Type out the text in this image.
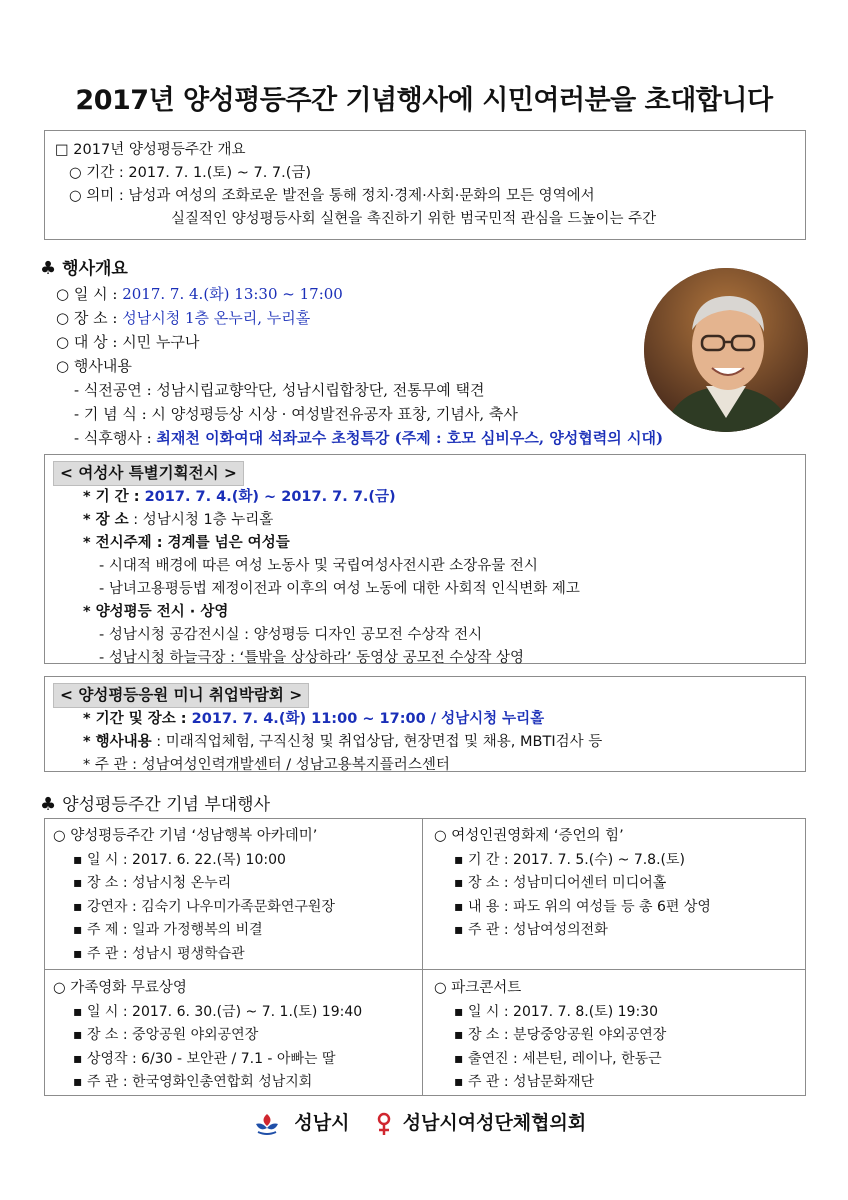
2017년 양성평등주간 기념행사에 시민여러분을 초대합니다
□ 2017년 양성평등주간 개요
○ 기간 : 2017. 7. 1.(토) ~ 7. 7.(금)
○ 의미 : 남성과 여성의 조화로운 발전을 통해 정치·경제·사회·문화의 모든 영역에서
실질적인 양성평등사회 실현을 촉진하기 위한 범국민적 관심을 드높이는 주간
♣ 행사개요
○ 일 시 : 2017. 7. 4.(화) 13:30 ~ 17:00
○ 장 소 : 성남시청 1층 온누리, 누리홀
○ 대 상 : 시민 누구나
○ 행사내용
- 식전공연 : 성남시립교향악단, 성남시립합창단, 전통무예 택견
- 기 념 식 : 시 양성평등상 시상 · 여성발전유공자 표창, 기념사, 축사
- 식후행사 : 최재천 이화여대 석좌교수 초청특강 (주제 : 호모 심비우스, 양성협력의 시대)
< 여성사 특별기획전시 >
* 기 간 : 2017. 7. 4.(화) ~ 2017. 7. 7.(금)
* 장 소 : 성남시청 1층 누리홀
* 전시주제 : 경계를 넘은 여성들
- 시대적 배경에 따른 여성 노동사 및 국립여성사전시관 소장유물 전시
- 남녀고용평등법 제정이전과 이후의 여성 노동에 대한 사회적 인식변화 제고
* 양성평등 전시 · 상영
- 성남시청 공감전시실 : 양성평등 디자인 공모전 수상작 전시
- 성남시청 하늘극장 : ‘틀밖을 상상하라’ 동영상 공모전 수상작 상영
< 양성평등응원 미니 취업박람회 >
* 기간 및 장소 : 2017. 7. 4.(화) 11:00 ~ 17:00 / 성남시청 누리홀
* 행사내용 : 미래직업체험, 구직신청 및 취업상담, 현장면접 및 채용, MBTI검사 등
* 주 관 : 성남여성인력개발센터 / 성남고용복지플러스센터
♣ 양성평등주간 기념 부대행사
○ 양성평등주간 기념 ‘성남행복 아카데미’
▪ 일 시 : 2017. 6. 22.(목) 10:00
▪ 장 소 : 성남시청 온누리
▪ 강연자 : 김숙기 나우미가족문화연구원장
▪ 주 제 : 일과 가정행복의 비결
▪ 주 관 : 성남시 평생학습관
○ 여성인권영화제 ‘증언의 힘’
▪ 기 간 : 2017. 7. 5.(수) ~ 7.8.(토)
▪ 장 소 : 성남미디어센터 미디어홀
▪ 내 용 : 파도 위의 여성들 등 총 6편 상영
▪ 주 관 : 성남여성의전화
○ 가족영화 무료상영
▪ 일 시 : 2017. 6. 30.(금) ~ 7. 1.(토) 19:40
▪ 장 소 : 중앙공원 야외공연장
▪ 상영작 : 6/30 - 보안관 / 7.1 - 아빠는 딸
▪ 주 관 : 한국영화인총연합회 성남지회
○ 파크콘서트
▪ 일 시 : 2017. 7. 8.(토) 19:30
▪ 장 소 : 분당중앙공원 야외공연장
▪ 출연진 : 세븐틴, 레이나, 한동근
▪ 주 관 : 성남문화재단
성남시	성남시여성단체협의회
